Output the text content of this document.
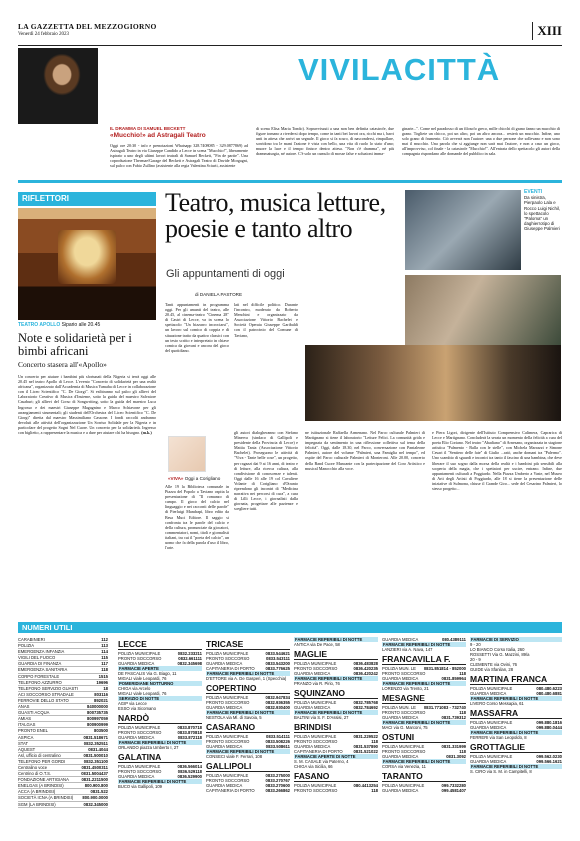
LA GAZZETTA DEL MEZZOGIORNO
Venerdì 24 febbraio 2023	XIII
VIVILACITTÀ
IL DRAMMA DI SAMUEL BECKETT
«Mucchio!» ad Astragali Teatro
Oggi ore 20:30 - info e prenotazioni Whatsapp 328.7408085 - 329.0877869) ad Astragali Teatro in via Giuseppe Candido a Lecce in scena "Mucchio!", liberamente ispirato a uno degli ultimi lavori teatrali di Samuel Beckett, "Fin de partie". Una coproduzione Thermae/Garage del Beckett e Astragali Teatro di Davide Morgagni, sul palco con Fabio Zullino (assistente alla regia Valentina Sciurti, assistente
di scena Elisa Maria Tondo). Sopravvissuti a una non ben definita catastrofe, due figure tornano a rivedersi dopo tempo, come in tanti bei lavori ora, ricchi ma i, barri unti in attesa che arrivi un segnale. Il gioco si fa scuro, di nascondersi, rimpallare, sorridono tra le mani l'azione è vista con bello, una vita di ruolo lo stato d'uno; muore la luce e il tempo finisce dentro attesa. "Non c'è dramma", nè più drammaturgia, né autore. C'è solo un cumulo di mosse false e soluzioni imma-
ginarie...". Come nel paradosso di un filosofo greco, mille chicchi di grano fanno un mucchio di grano. Togliete un chicco, poi un altro, poi un altro ancora... resterà un mucchio. Infine, uno solo grano di frumento. Ciò avverrà non l'autore: una o due persone che sollevano e non sono mai il mucchio. Una parola che si aggiunge non sarà mai l'autore, e non a caso un gioco, all'improvviso, col finale - la catastrofe "Mucchio!". All'entrata dello spettacolo gli autori della compagnia rispondano alle domande del pubblico in sala.
RIFLETTORI
TEATRO APOLLO Sipario alle 20.45
Note e solidarietà per i bimbi africani
Concerto stasera all'«Apollo»
Un concerto per aiutare i bambini più sfortunati della Nigeria si terrà oggi alle 20.45 nel teatro Apollo di Lecce. L'evento "Concerto di solidarietà per una realtà africana", organizzato dall'Accademia di Musica Yamaha di Lecce in collaborazione con il Liceo Scientifico "C. De Giorgi". Si esibiranno sul palco gli allievi del Laboratorio Creativo di Musica d'Insieme, sotto la guida del maestro Salvatore Casaburi; gli allievi del Corso di Songwriting, sotto la guida del maestro Luca Ingrosso e dei maestri Giuseppe Magagnino e Marco Schiavone per gli arrangiamenti strumentali; gli studenti dell'Orchestra del Liceo Scientifico "C. De Giorgi" diretta dal maestro Massimiliano Cassone. I fondi raccolti andranno devoluti alle attività dell'organizzazione Un Sorriso Solidale per la Nigeria e in particolare del progetto Sogni Nel Cuore. Un concerto per la solidarietà. Ingresso con biglietto, a rappresentare la musica e a dare per aiutare chi ha bisogno. (m.k.)
Teatro, musica letture, poesie e tanto altro
Gli appuntamenti di oggi
di DANIELA PASTORE
Tanti appuntamenti in programma oggi. Per gli amanti del teatro, alle 20.45, al cinema-teatro "Cinema 28" di Castri di Lecce, va in scena lo spettacolo "Un bizzarro incrociarsi", un lavoro sul comico di coppia e di situazione tratto da quattro classici con un testo scritto e interpretato in chiave comica da giovani e ancora del gioco del quotidiano.
«VIVA» Oggi a Corigliano
Alle 19 la Biblioteca comunale in Piazza del Popolo a Taviano ospita la presentazione di "Il romanzo di campo. Il gioco del calcio nel linguaggio e nei racconti delle parole" di Pierluigi Mandrapì, libro edito da Besa Muci Editore. Il saggio si confronta tra le parole del calcio e della cultura, pronunciate da giocatori, commentatori, nomi, titoli e giornalisti italiani, tra cui il "poeta del calcio", un uomo che fa della parola d'uso il libro, l'arte.
lati nel difficile politico. Durante l'incontro, moderato da Roberto Menchini e organizzato da Associazione Vittorio Bachelet e Società Operaia Giuseppe Garibaldi con il patrocinio del Comune di Taviano,
gli autori dialogheranno con Stefano Minerva (sindaco di Gallipoli e presidente della Provincia di Lecce) e Mattia Tania (Associazione Vittorio Bachelet). Proseguono le attività di "Viva - Tante belle cose", un progetto, per ragazzi dai 9 ai 16 anni, di teatro e di letture, alla ricerca cultura, alla condivisione di conoscenze e talenti. Oggi dalle 16 alle 19 col Cavaliere Volante di Corigliano d'Otranto riprendono gli incontri di "Medicina narrativa nei percorsi di cura", a cura di Lilli Lecce, i giornalisti dalla giornata, progettare alle pazienze e scegliere tutti.
ne istituzionale Raffaella Armenano. Nel Parco culturale Palmieri di Martignano si tiene il laboratorio "Letture Felici. La comunità grida e impegnata da sentimento in una riflessione collettiva sul tema della felicità". Oggi, dalle 18.30, nel Parco, conversazione con Pantaleone Palmieri, autore del volume "Palmieri, una Famiglia nel tempo", ed ospite del Parco culturale Palmieri di Monteroni. Alle 20.00, concerto della Band Cuore Mancante con la partecipazione del Coro Artistico e musical Manocchio alla voce.
e Piera Ligori, dirigente dell'Istituto Comprensivo Calimera, Caprarica di Lecce e Martignano. Concluderà la serata un momento della felicità a cura del poeta Elio Coriano. Nel teatro "Abadiano" di Arnesano, organizzata in stagione artistica "Palmento - Balla con le stelle", con Michela Marrazzi e Simone Cesari il "Sentiero delle fate" di Giulio ...ratò, anche domani tra "Palermo". Uno scambio di sguardi e incontri tra tanto il fascino di una bambina, che deve liberare il suo sogno dalla morsa della realtà e i bambini più sensibili alla scoperta della magia, che i spettatori per uscire, entrano. Infine, due appuntamenti culturali a Poggiardo. Nella Piazza Umberto a Vaste, nel Museo di Arti degli Artisti di Poggiardo, alle 18 si tiene la presentazione delle iniziative di Sulmona, chiuse il Grande Giro... sede del Cesarino Palmieri, lo stesso progetto...
EVENTI
Da sinistra, Pierpaolo Lala e Rocco Luigi Nichil, lo spettacolo "Paloma" un daghierrotipo di Giuseppe Palmieri
NUMERI UTILI
CARABINIERI	112
POLIZIA	113
EMERGENZA INFANZIA	114
VIGILI DEL FUOCO	115
GUARDIA DI FINANZA	117
EMERGENZA SANITARIA	118
CORPO FORESTALE	1515
TELEFONO AZZURRO	19696
TELEFONO SERVIZIO GUASTI	18
ACI SOCCORSO STRADALE	803116
FERROVIE DELLO STATO	892021
ANAS	840000000
GUASTI ACQUA	800735735
AMIAS	800997059
ITALGAS	800900999
PRONTO ENEL	803500
ASPICA	0831.518671
STAT	0832.352511
AQUEST	0831.4044
Asl, ufficio di centralino	0831.500010
TELEFONO PER GORDI	0832.351100
Centralino voce	0831.4500311
Centrino di O.T.S.	0831.5004437
FONDAZIONE ARTIGIANA	0831.2211500
ENELGAS (A BRINDISI)	800.900.800
ACCA (A BRINDISI)	0831.522
SOCIETÀ ICNA (A BRINDISI) 800.900.0000
SGM (LA BRINDISI)	0832.345000
LECCE
POLIZIA MUNICIPALE	0832.233211
PRONTO SOCCORSO	0832.661111
GUARDIA MEDICA	0832.345698
FARMACIE APERTE
DE PASCALIS Via G. Biago, 11
MIGALI viale Leopardi, 76
POMERIDIANE NOTTURNO
CHIGA via Arcelo
MIGALI viale Leopardi, 76
SERVIZIO DI NOTTE
AGIP via Lecce
ESSO via Sicomano
NARDÒ
POLIZIA MUNICIPALE	0833.870718
PRONTO SOCCORSO	0833.870818
GUARDIA MEDICA	0833.872118
FARMACIE REPERIBILI DI NOTTE
ORLANDO piazza Umberto I, 27
GALATINA
POLIZIA MUNICIPALE	0836.566014
PRONTO SOCCORSO	0836.529118
GUARDIA MEDICA	0836.529900
FARMACIE REPERIBILI DI NOTTE
BUCO via Gallipoli, 109
TRICASE
POLIZIA MUNICIPALE	0833.544621
PRONTO SOCCORSO	0833.543111
GUARDIA MEDICA	0833.543200
CAPITANERIA DI PORTO	0833.776625
FARMACIE REPERIBILI DI NOTTE
D'ETTORE via A. De Gasperi, 1 (Specchia)
COPERTINO
POLIZIA MUNICIPALE	0832.947834
PRONTO SOCCORSO	0832.936355
GUARDIA MEDICA	0832.930400
FARMACIE REPERIBILI DI NOTTE
NESTOLA via Ml. di Savoia, 5
CASARANO
POLIZIA MUNICIPALE	0833.514111
PRONTO SOCCORSO	0833.508226
GUARDIA MEDICA	0833.508611
FARMACIE REPERIBILI DI NOTTE
CONSECI viale F. Ferrari, 108
GALLIPOLI
POLIZIA MUNICIPALE	0833.275000
PRONTO SOCCORSO	0833.270767
GUARDIA MEDICA	0833.270600
CAPITANERIA DI PORTO	0833.266862
FARMACIE REPERIBILI DI NOTTE
ANTICA via De Pace, 58
MAGLIE
POLIZIA MUNICIPALE	0836.483828
PRONTO SOCCORSO	0836.420235
GUARDIA MEDICA	0836.420242
FARMACIE REPERIBILI DI NOTTE
PRANZO via R. Pirio, 76
SQUINZANO
POLIZIA MUNICIPALE	0832.785768
GUARDIA MEDICA	0832.784692
FARMACIE REPERIBILI DI NOTTE
BALTINI via S. F. D'Assisi, 27
BRINDISI
POLIZIA MUNICIPALE	0831.229522
PRONTO SOCCORSO	118
GUARDIA MEDICA	0831.537890
CAPITANERIA DI PORTO	0831.521022
FARMACIE APERTE DI NOTTE
S. M. CASALE via Paterno, 4
CHIGA via Sicilia, 66
FASANO
POLIZIA MUNICIPALE	080.4413254
PRONTO SOCCORSO	118
GUARDIA MEDICA	080.4389111
FARMACIE REPERIBILI DI NOTTE
LANZIERI via A. Nava, 147
FRANCAVILLA F.
POLIZIA MUN. LE 0831.851814 - 852000
PRONTO SOCCORSO	118
GUARDIA MEDICA	0831.859964
FARMACIE REPERIBILI DI NOTTE
LORENZO via Trento, 21
MESAGNE
POLIZIA MUN. LE 0831.771083 - 732740
PRONTO SOCCORSO	118
GUARDIA MEDICA	0831.739312
FARMACIE REPERIBILI DI NOTTE
MACI via G. Marconi, 75
OSTUNI
POLIZIA MUNICIPALE	0831.331999
PRONTO SOCCORSO	118
GUARDIA MEDICA	0831.3092
FARMACIE REPERIBILI DI NOTTE
CORSA via Venezia, 11
TARANTO
POLIZIA MUNICIPALE	099.7332280
GUARDIA MEDICA	099.4581407
FARMACIE DI SERVIZIO
9 - 20
LO BIANCO Corso Italia, 260
ROSSETTI Via G. Mazzini, 89/a
20 - 9
CLEMENTE via Ovini, 76
GUIDE via Sfanilan, 28
MARTINA FRANCA
POLIZIA MUNICIPALE	080.480.6223
GUARDIA MEDICA	080.480.6881
FARMACIE REPERIBILI DI NOTTE
LIVERO Corso Messapia, 61
MASSAFRA
POLIZIA MUNICIPALE	099.880.1816
GUARDIA MEDICA	099.880.0444
FARMACIE REPERIBILI DI NOTTE
FERRERI via San Leopoldo, 8
GROTTAGLIE
POLIZIA MUNICIPALE	099.562.0230
GUARDIA MEDICA	099.566.1621
FARMACIE REPERIBILI DI NOTTE
S. CIRO via S. M. in Campitelli, 8
